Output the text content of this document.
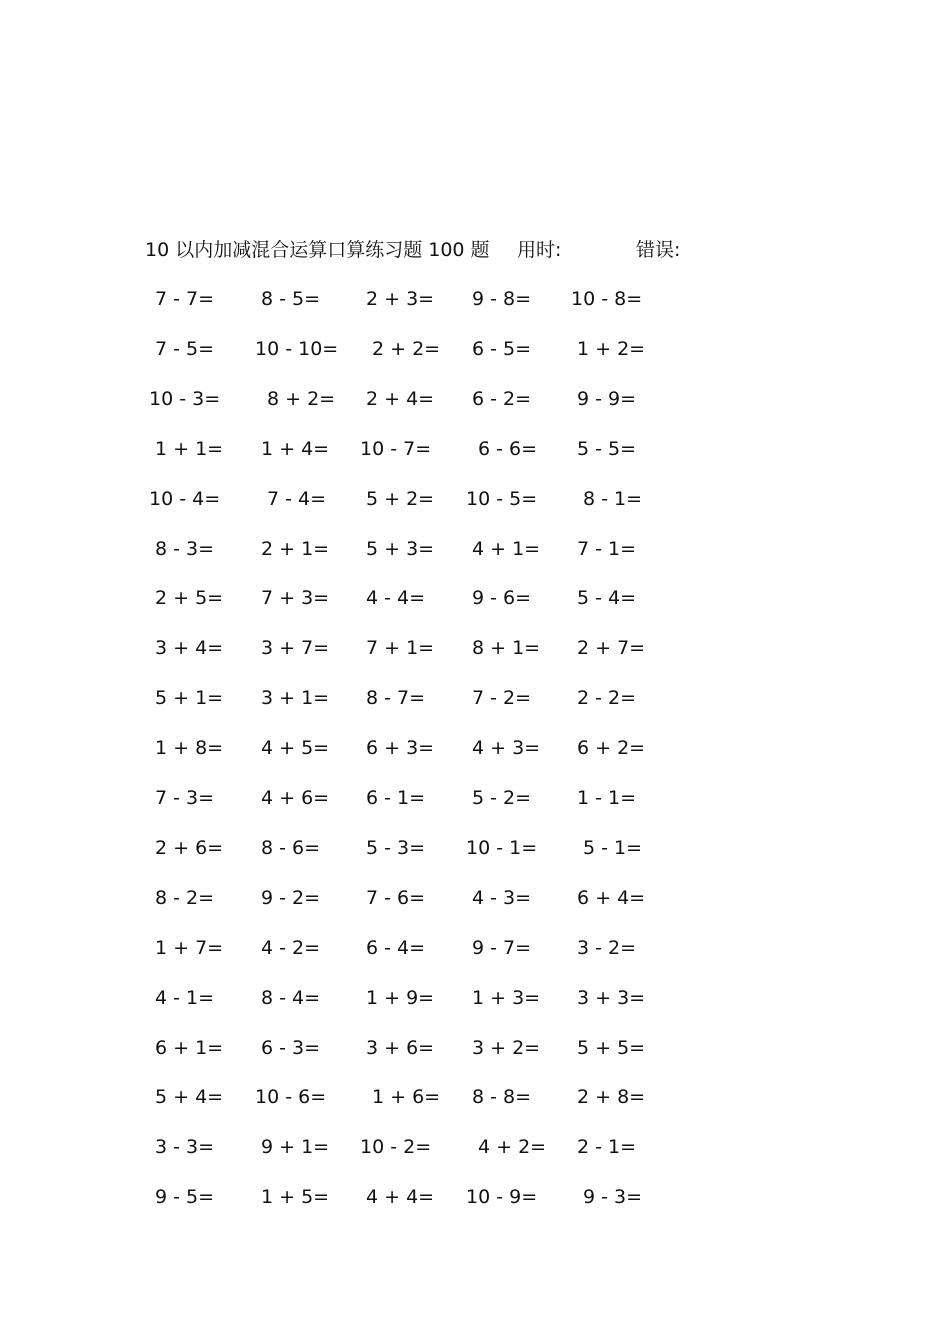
10 以内加减混合运算口算练习题 100 题 用时:	错误:
7 - 7= 8 - 5= 2 + 3= 9 - 8= 10 - 8=
7 - 5= 10 - 10= 2 + 2= 6 - 5= 1 + 2=
10 - 3= 8 + 2= 2 + 4= 6 - 2= 9 - 9=
1 + 1= 1 + 4= 10 - 7= 6 - 6= 5 - 5=
10 - 4= 7 - 4= 5 + 2= 10 - 5= 8 - 1=
8 - 3= 2 + 1= 5 + 3= 4 + 1= 7 - 1=
2 + 5= 7 + 3= 4 - 4= 9 - 6= 5 - 4=
3 + 4= 3 + 7= 7 + 1= 8 + 1= 2 + 7=
5 + 1= 3 + 1= 8 - 7= 7 - 2= 2 - 2=
1 + 8= 4 + 5= 6 + 3= 4 + 3= 6 + 2=
7 - 3= 4 + 6= 6 - 1= 5 - 2= 1 - 1=
2 + 6= 8 - 6= 5 - 3= 10 - 1= 5 - 1=
8 - 2= 9 - 2= 7 - 6= 4 - 3= 6 + 4=
1 + 7= 4 - 2= 6 - 4= 9 - 7= 3 - 2=
4 - 1= 8 - 4= 1 + 9= 1 + 3= 3 + 3=
6 + 1= 6 - 3= 3 + 6= 3 + 2= 5 + 5=
5 + 4= 10 - 6= 1 + 6= 8 - 8= 2 + 8=
3 - 3= 9 + 1= 10 - 2= 4 + 2= 2 - 1=
9 - 5= 1 + 5= 4 + 4= 10 - 9= 9 - 3=
